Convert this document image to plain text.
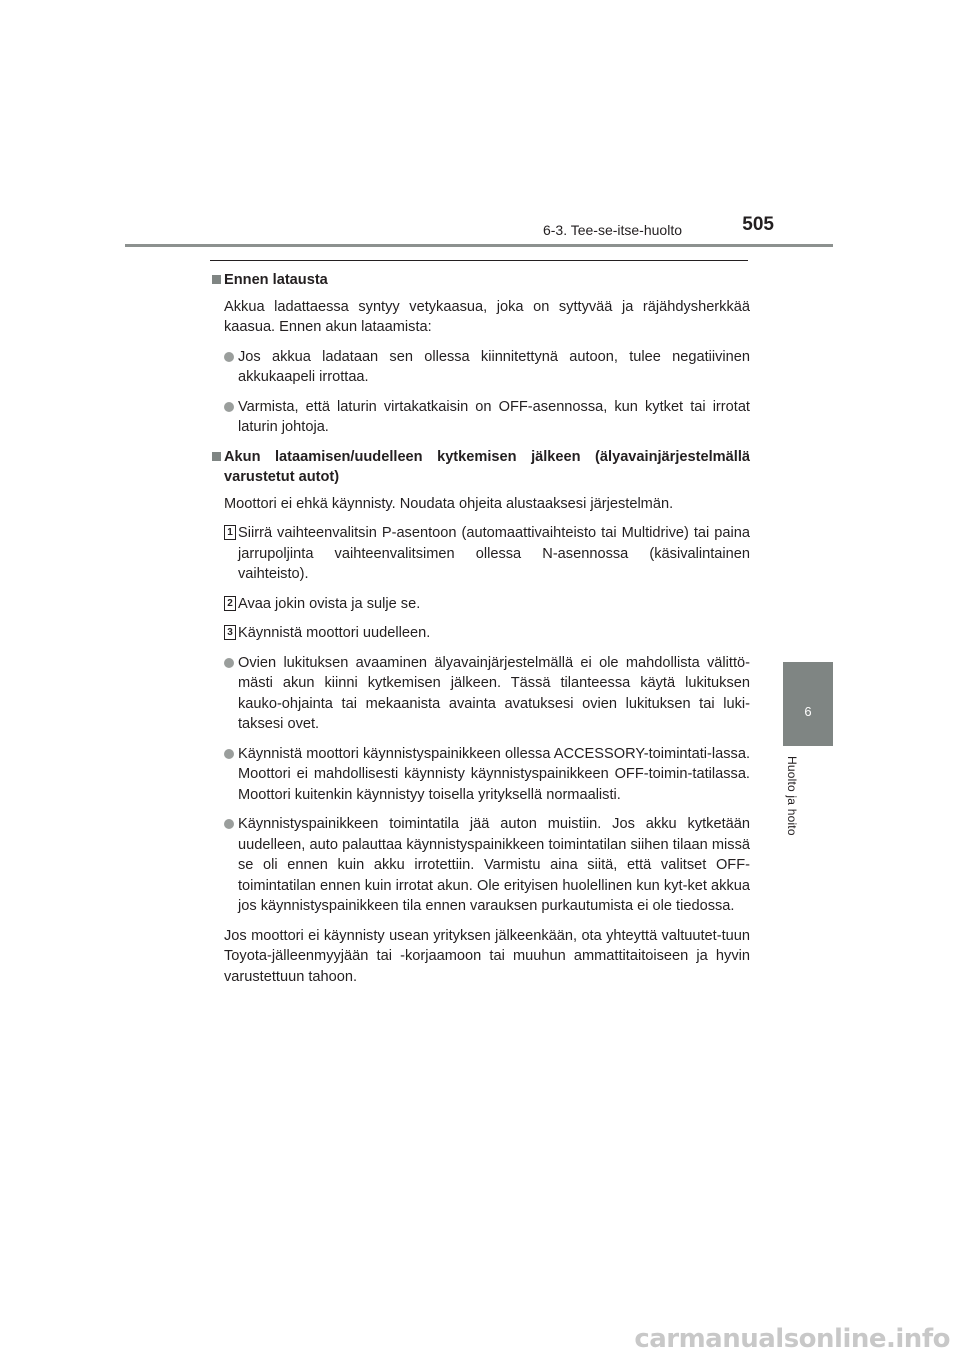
6-3. Tee-se-itse-huolto	505
6
Huolto ja hoito

Ennen latausta

Akkua ladattaessa syntyy vetykaasua, joka on syttyvää ja räjähdysherkkää kaasua. Ennen akun lataamista:

Jos akkua ladataan sen ollessa kiinnitettynä autoon, tulee negatiivinen akkukaapeli irrottaa.

Varmista, että laturin virtakatkaisin on OFF-asennossa, kun kytket tai irrotat laturin johtoja.

Akun lataamisen/uudelleen kytkemisen jälkeen (älyavainjärjestelmällä varustetut autot)

Moottori ei ehkä käynnisty. Noudata ohjeita alustaaksesi järjestelmän.

1 Siirrä vaihteenvalitsin P-asentoon (automaattivaihteisto tai Multidrive) tai paina jarrupoljinta vaihteenvalitsimen ollessa N-asennossa (käsivalintainen vaihteisto).

2 Avaa jokin ovista ja sulje se.

3 Käynnistä moottori uudelleen.

Ovien lukituksen avaaminen älyavainjärjestelmällä ei ole mahdollista välittö-mästi akun kiinni kytkemisen jälkeen. Tässä tilanteessa käytä lukituksen kauko-ohjainta tai mekaanista avainta avatuksesi ovien lukituksen tai luki-taksesi ovet.

Käynnistä moottori käynnistyspainikkeen ollessa ACCESSORY-toimintati-lassa. Moottori ei mahdollisesti käynnisty käynnistyspainikkeen OFF-toimin-tatilassa. Moottori kuitenkin käynnistyy toisella yrityksellä normaalisti.

Käynnistyspainikkeen toimintatila jää auton muistiin. Jos akku kytketään uudelleen, auto palauttaa käynnistyspainikkeen toimintatilan siihen tilaan missä se oli ennen kuin akku irrotettiin. Varmistu aina siitä, että valitset OFF-toimintatilan ennen kuin irrotat akun. Ole erityisen huolellinen kun kyt-ket akkua jos käynnistyspainikkeen tila ennen varauksen purkautumista ei ole tiedossa.

Jos moottori ei käynnisty usean yrityksen jälkeenkään, ota yhteyttä valtuutet-tuun Toyota-jälleenmyyjään tai -korjaamoon tai muuhun ammattitaitoiseen ja hyvin varustettuun tahoon.

carmanualsonline.info
